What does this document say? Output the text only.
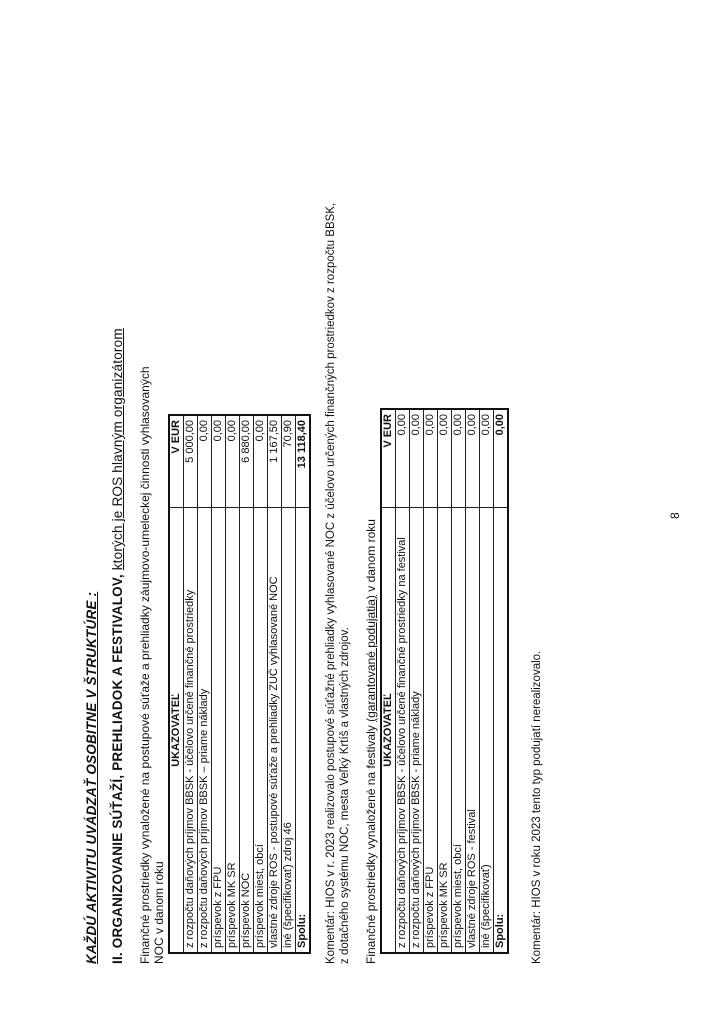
KAŽDÚ AKTIVITU UVÁDZAŤ OSOBITNE V ŠTRUKTÚRE : II. ORGANIZOVANIE SÚŤAŽÍ, PREHLIADOK A FESTIVALOV, ktorých je ROS hlavným organizátorom Finančné prostriedky vynaložené na postupové súťaže a prehliadky záujmovo-umeleckej činnosti vyhlasovaných NOC v danom roku
UKAZOVATEĽ	V EUR
z rozpočtu daňových príjmov BBSK - účelovo určené finančné prostriedky	5 000,00
z rozpočtu daňových príjmov BBSK – priame náklady	0,00
príspevok z FPU	0,00
príspevok MK SR	0,00
príspevok NOC	6 880,00
príspevok miest, obcí	0,00
vlastné zdroje ROS - postupové súťaže a prehliadky ZUČ vyhlasované NOC	1 167,50
iné (špecifikovať) zdroj 46	70,90
Spolu:	13 118,40 Komentár: HIOS v r. 2023 realizovalo postupové súťažné prehliadky vyhlasované NOC z účelovo určených finančných prostriedkov z rozpočtu BBSK, z dotačného systému NOC, mesta Veľký Krtíš a vlastných zdrojov. Finančné prostriedky vynaložené na festivaly (garantované podujatia) v danom roku
UKAZOVATEĽ	V EUR
z rozpočtu daňových príjmov BBSK - účelovo určené finančné prostriedky na festival	0,00
z rozpočtu daňových príjmov BBSK - priame náklady	0,00
príspevok z FPU	0,00
príspevok MK SR	0,00
príspevok miest, obcí	0,00
vlastné zdroje ROS - festival	0,00
iné (špecifikovať)	0,00
Spolu:	0,00
Komentár: HIOS v roku 2023 tento typ podujatí nerealizovalo.
8
